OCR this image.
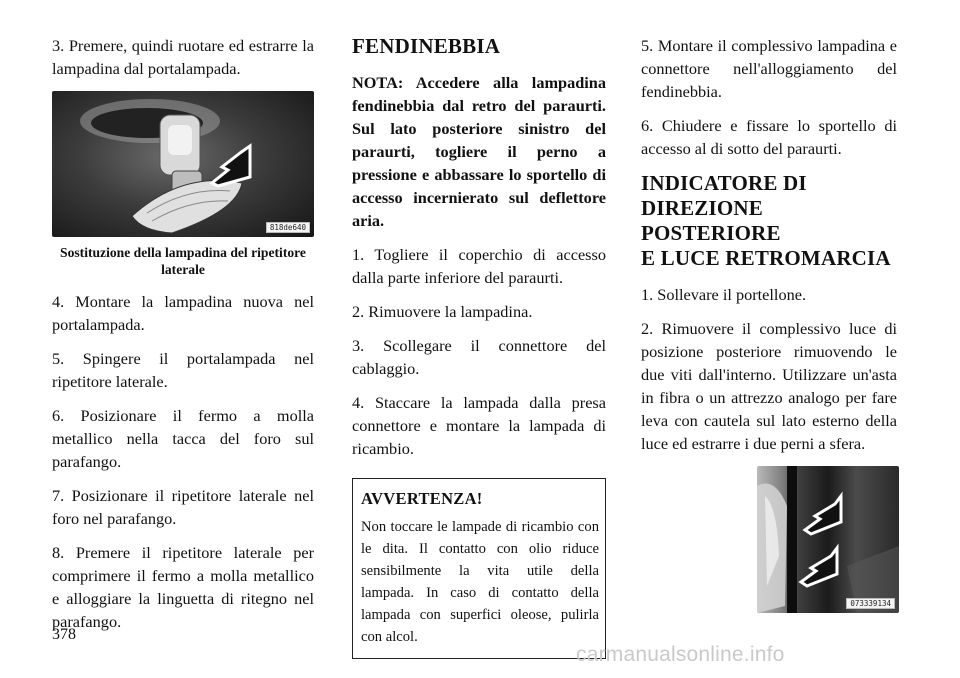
3. Premere, quindi ruotare ed estrarre la lampadina dal portalampada.

818de640
Sostituzione della lampadina del ripetitore laterale

4. Montare la lampadina nuova nel portalampada.

5. Spingere il portalampada nel ripetitore laterale.

6. Posizionare il fermo a molla metallico nella tacca del foro sul parafango.

7. Posizionare il ripetitore laterale nel foro nel parafango.

8. Premere il ripetitore laterale per comprimere il fermo a molla metallico e alloggiare la linguetta di ritegno nel parafango.

FENDINEBBIA

NOTA: Accedere alla lampadina fendinebbia dal retro del paraurti. Sul lato posteriore sinistro del paraurti, togliere il perno a pressione e abbassare lo sportello di accesso incernierato sul deflettore aria.

1. Togliere il coperchio di accesso dalla parte inferiore del paraurti.

2. Rimuovere la lampadina.

3. Scollegare il connettore del cablaggio.

4. Staccare la lampada dalla presa connettore e montare la lampada di ricambio.

AVVERTENZA!
Non toccare le lampade di ricambio con le dita. Il contatto con olio riduce sensibilmente la vita utile della lampada. In caso di contatto della lampada con superfici oleose, pulirla con alcol.

5. Montare il complessivo lampadina e connettore nell'alloggiamento del fendinebbia.

6. Chiudere e fissare lo sportello di accesso al di sotto del paraurti.

INDICATORE DI
DIREZIONE POSTERIORE
E LUCE RETROMARCIA

1. Sollevare il portellone.

2. Rimuovere il complessivo luce di posizione posteriore rimuovendo le due viti dall'interno. Utilizzare un'asta in fibra o un attrezzo analogo per fare leva con cautela sul lato esterno della luce ed estrarre i due perni a sfera.

073339134
378
carmanualsonline.info
